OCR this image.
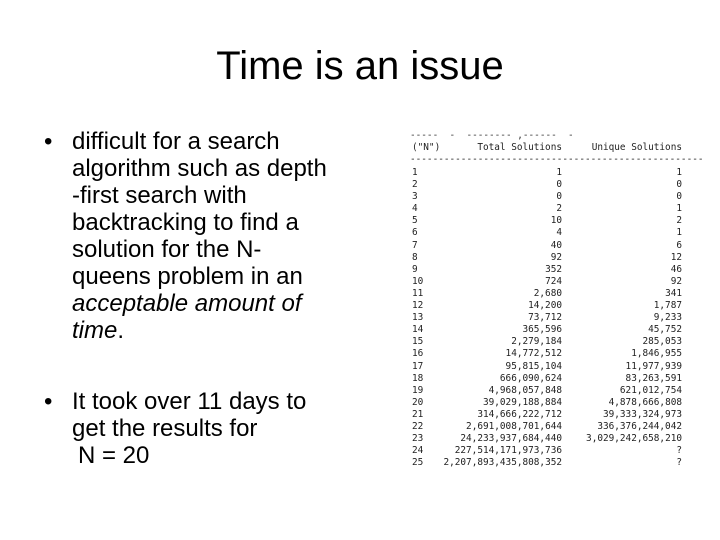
Time is an issue
• difficult for a search
algorithm such as depth
-first search with
backtracking to find a
solution for the N-
queens problem in an
acceptable amount of
time.
• It took over 11 days to
get the results for
N = 20
-----  -  -------- ,------  -
("N")	Total Solutions	Unique Solutions
----------------------------------------------------
1	1	1
2	0	0
3	0	0
4	2	1
5	10	2
6	4	1
7	40	6
8	92	12
9	352	46
10	724	92
11	2,680	341
12	14,200	1,787
13	73,712	9,233
14	365,596	45,752
15	2,279,184	285,053
16	14,772,512	1,846,955
17	95,815,104	11,977,939
18	666,090,624	83,263,591
19	4,968,057,848	621,012,754
20	39,029,188,884	4,878,666,808
21	314,666,222,712	39,333,324,973
22	2,691,008,701,644	336,376,244,042
23	24,233,937,684,440	3,029,242,658,210
24	227,514,171,973,736	?
25	2,207,893,435,808,352	?
